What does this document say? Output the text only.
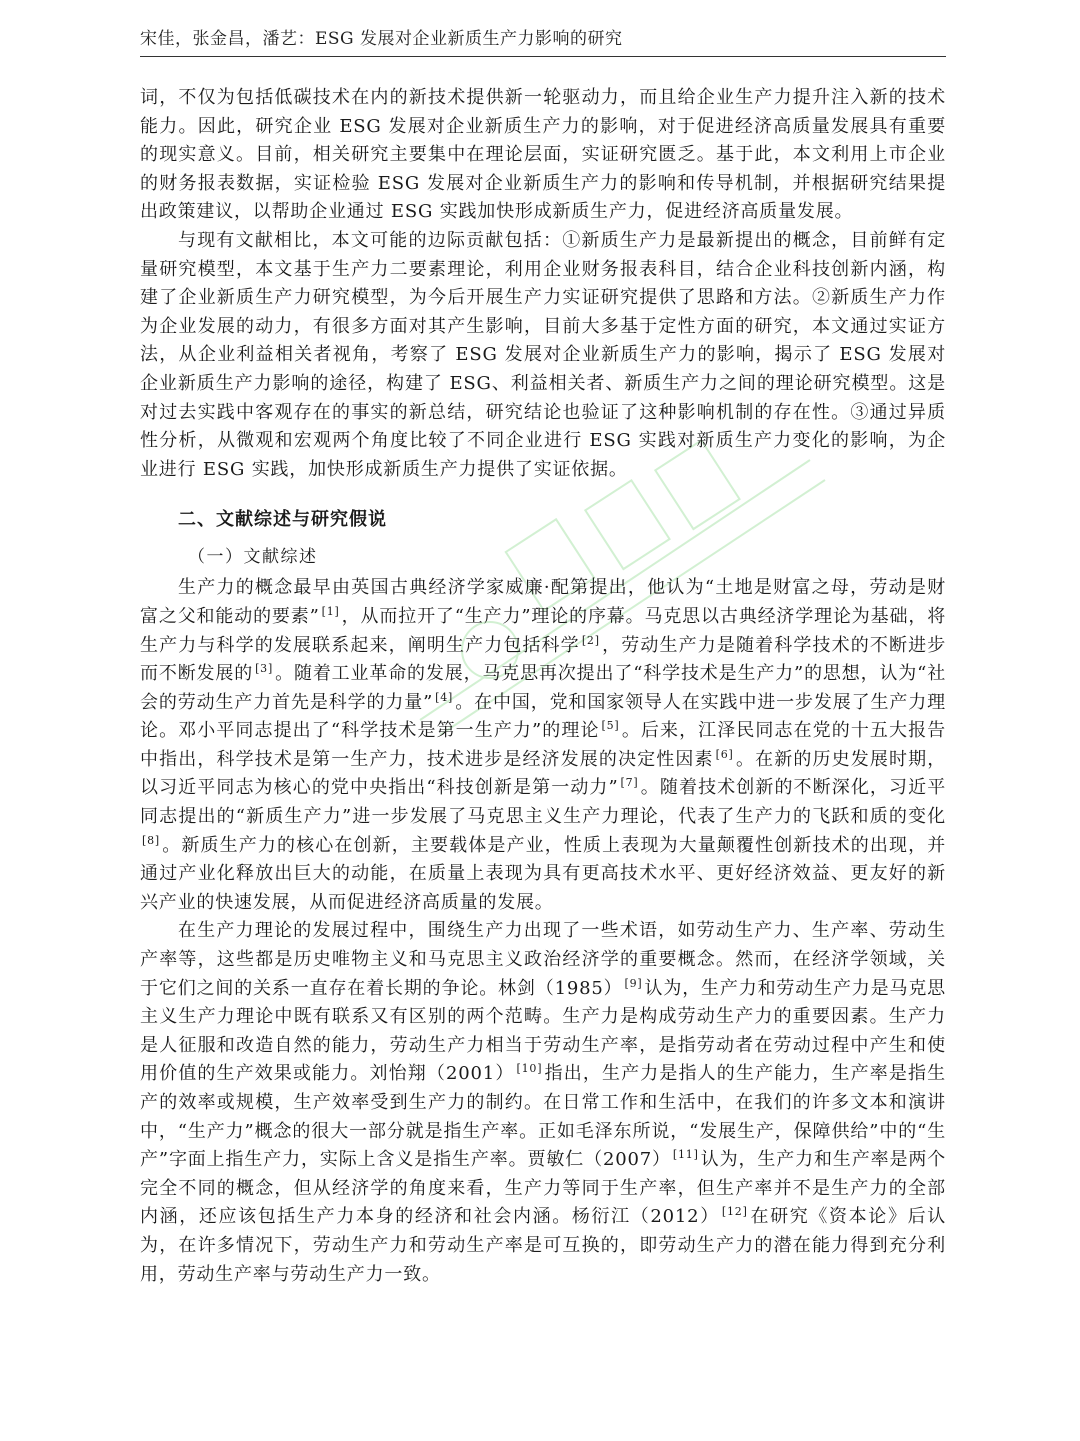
宋佳，张金昌，潘艺：ESG 发展对企业新质生产力影响的研究

词，不仅为包括低碳技术在内的新技术提供新一轮驱动力，而且给企业生产力提升注入新的技术能力。因此，研究企业 ESG 发展对企业新质生产力的影响，对于促进经济高质量发展具有重要的现实意义。目前，相关研究主要集中在理论层面，实证研究匮乏。基于此，本文利用上市企业的财务报表数据，实证检验 ESG 发展对企业新质生产力的影响和传导机制，并根据研究结果提出政策建议，以帮助企业通过 ESG 实践加快形成新质生产力，促进经济高质量发展。

与现有文献相比，本文可能的边际贡献包括：①新质生产力是最新提出的概念，目前鲜有定量研究模型，本文基于生产力二要素理论，利用企业财务报表科目，结合企业科技创新内涵，构建了企业新质生产力研究模型，为今后开展生产力实证研究提供了思路和方法。②新质生产力作为企业发展的动力，有很多方面对其产生影响，目前大多基于定性方面的研究，本文通过实证方法，从企业利益相关者视角，考察了 ESG 发展对企业新质生产力的影响，揭示了 ESG 发展对企业新质生产力影响的途径，构建了 ESG、利益相关者、新质生产力之间的理论研究模型。这是对过去实践中客观存在的事实的新总结，研究结论也验证了这种影响机制的存在性。③通过异质性分析，从微观和宏观两个角度比较了不同企业进行 ESG 实践对新质生产力变化的影响，为企业进行 ESG 实践，加快形成新质生产力提供了实证依据。

二、文献综述与研究假说
（一）文献综述

生产力的概念最早由英国古典经济学家威廉·配第提出，他认为“土地是财富之母，劳动是财富之父和能动的要素” [1] ，从而拉开了“生产力”理论的序幕。马克思以古典经济学理论为基础，将生产力与科学的发展联系起来，阐明生产力包括科学 [2] ，劳动生产力是随着科学技术的不断进步而不断发展的 [3] 。随着工业革命的发展，马克思再次提出了“科学技术是生产力”的思想，认为“社会的劳动生产力首先是科学的力量” [4] 。在中国，党和国家领导人在实践中进一步发展了生产力理论。邓小平同志提出了“科学技术是第一生产力”的理论 [5] 。后来，江泽民同志在党的十五大报告中指出，科学技术是第一生产力，技术进步是经济发展的决定性因素 [6] 。在新的历史发展时期，以习近平同志为核心的党中央指出“科技创新是第一动力” [7] 。随着技术创新的不断深化，习近平同志提出的“新质生产力”进一步发展了马克思主义生产力理论，代表了生产力的飞跃和质的变化[8] 。新质生产力的核心在创新，主要载体是产业，性质上表现为大量颠覆性创新技术的出现，并通过产业化释放出巨大的动能，在质量上表现为具有更高技术水平、更好经济效益、更友好的新兴产业的快速发展，从而促进经济高质量的发展。

在生产力理论的发展过程中，围绕生产力出现了一些术语，如劳动生产力、生产率、劳动生产率等，这些都是历史唯物主义和马克思主义政治经济学的重要概念。然而，在经济学领域，关于它们之间的关系一直存在着长期的争论。林剑（1985） [9] 认为，生产力和劳动生产力是马克思主义生产力理论中既有联系又有区别的两个范畴。生产力是构成劳动生产力的重要因素。生产力是人征服和改造自然的能力，劳动生产力相当于劳动生产率，是指劳动者在劳动过程中产生和使用价值的生产效果或能力。刘怡翔（2001） [10] 指出，生产力是指人的生产能力，生产率是指生产的效率或规模，生产效率受到生产力的制约。在日常工作和生活中，在我们的许多文本和演讲中，“生产力”概念的很大一部分就是指生产率。正如毛泽东所说，“发展生产，保障供给”中的“生产”字面上指生产力，实际上含义是指生产率。贾敏仁（2007） [11] 认为，生产力和生产率是两个完全不同的概念，但从经济学的角度来看，生产力等同于生产率，但生产率并不是生产力的全部内涵，还应该包括生产力本身的经济和社会内涵。杨衍江（2012） [12] 在研究《资本论》后认为，在许多情况下，劳动生产力和劳动生产率是可互换的，即劳动生产力的潜在能力得到充分利用，劳动生产率与劳动生产力一致。
